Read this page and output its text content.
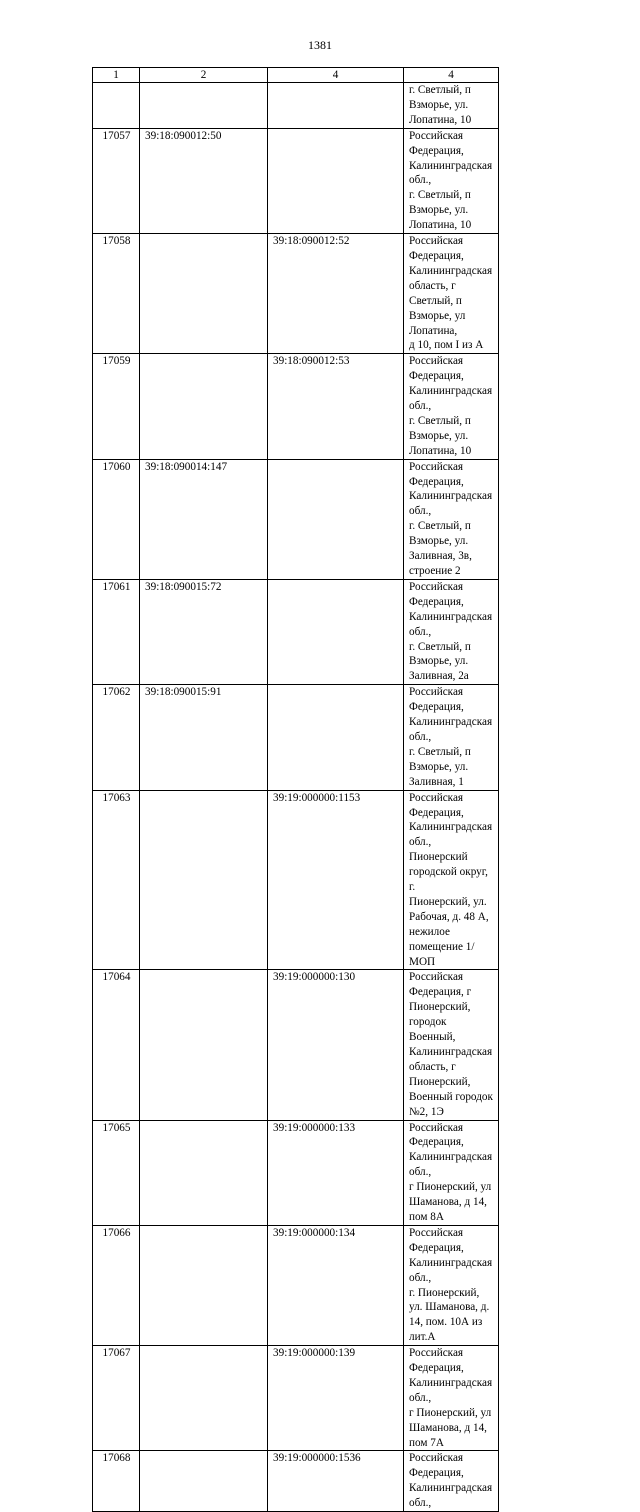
1381
1	2	4	4
			г. Светлый, п Взморье, ул.
Лопатина, 10
17057	39:18:090012:50		Российская Федерация,
Калининградская обл.,
г. Светлый, п Взморье, ул.
Лопатина, 10
17058		39:18:090012:52	Российская Федерация,
Калининградская область, г
Светлый, п Взморье, ул Лопатина,
д 10, пом I из А
17059		39:18:090012:53	Российская Федерация,
Калининградская обл.,
г. Светлый, п Взморье, ул.
Лопатина, 10
17060	39:18:090014:147		Российская Федерация,
Калининградская обл.,
г. Светлый, п Взморье, ул.
Заливная, 3в, строение 2
17061	39:18:090015:72		Российская Федерация,
Калининградская обл.,
г. Светлый, п Взморье, ул.
Заливная, 2а
17062	39:18:090015:91		Российская Федерация,
Калининградская обл.,
г. Светлый, п Взморье, ул.
Заливная, 1
17063		39:19:000000:1153	Российская Федерация,
Калининградская обл.,
Пионерский городской округ, г.
Пионерский, ул. Рабочая, д. 48 А,
нежилое помещение 1/МОП
17064		39:19:000000:130	Российская Федерация, г
Пионерский, городок Военный,
Калининградская область, г
Пионерский, Военный городок
№2, 1Э
17065		39:19:000000:133	Российская Федерация,
Калининградская обл.,
г Пионерский, ул Шаманова, д 14,
пом 8А
17066		39:19:000000:134	Российская Федерация,
Калининградская обл.,
г. Пионерский, ул. Шаманова, д.
14, пом. 10А из лит.А
17067		39:19:000000:139	Российская Федерация,
Калининградская обл.,
г Пионерский, ул Шаманова, д 14,
пом 7А
17068		39:19:000000:1536	Российская Федерация,
Калининградская обл.,
